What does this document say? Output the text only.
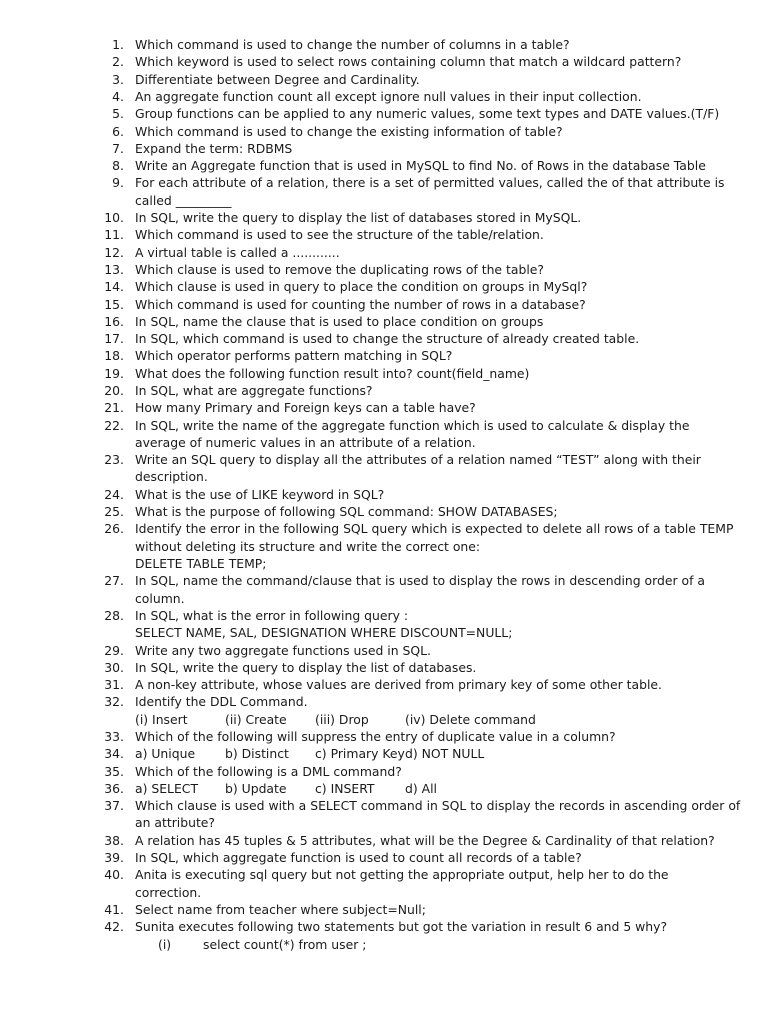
1. Which command is used to change the number of columns in a table?
2. Which keyword is used to select rows containing column that match a wildcard pattern?
3. Differentiate between Degree and Cardinality.
4. An aggregate function count all except ignore null values in their input collection.
5. Group functions can be applied to any numeric values, some text types and DATE values.(T/F)
6. Which command is used to change the existing information of table?
7. Expand the term: RDBMS
8. Write an Aggregate function that is used in MySQL to find No. of Rows in the database Table
9. For each attribute of a relation, there is a set of permitted values, called the of that attribute is
called _________
10. In SQL, write the query to display the list of databases stored in MySQL.
11. Which command is used to see the structure of the table/relation.
12. A virtual table is called a ............
13. Which clause is used to remove the duplicating rows of the table?
14. Which clause is used in query to place the condition on groups in MySql?
15. Which command is used for counting the number of rows in a database?
16. In SQL, name the clause that is used to place condition on groups
17. In SQL, which command is used to change the structure of already created table.
18. Which operator performs pattern matching in SQL?
19. What does the following function result into? count(field_name)
20. In SQL, what are aggregate functions?
21. How many Primary and Foreign keys can a table have?
22. In SQL, write the name of the aggregate function which is used to calculate & display the
average of numeric values in an attribute of a relation.
23. Write an SQL query to display all the attributes of a relation named “TEST” along with their
description.
24. What is the use of LIKE keyword in SQL?
25. What is the purpose of following SQL command: SHOW DATABASES;
26. Identify the error in the following SQL query which is expected to delete all rows of a table TEMP
without deleting its structure and write the correct one:
DELETE TABLE TEMP;
27. In SQL, name the command/clause that is used to display the rows in descending order of a
column.
28. In SQL, what is the error in following query :
SELECT NAME, SAL, DESIGNATION WHERE DISCOUNT=NULL;
29. Write any two aggregate functions used in SQL.
30. In SQL, write the query to display the list of databases.
31. A non-key attribute, whose values are derived from primary key of some other table.
32. Identify the DDL Command.
(i) Insert	(ii) Create (iii) Drop	(iv) Delete command
33. Which of the following will suppress the entry of duplicate value in a column?
34. a) Unique b) Distinct c) Primary Key d) NOT NULL
35. Which of the following is a DML command?
36. a) SELECT b) Update c) INSERT d) All
37. Which clause is used with a SELECT command in SQL to display the records in ascending order of
an attribute?
38. A relation has 45 tuples & 5 attributes, what will be the Degree & Cardinality of that relation?
39. In SQL, which aggregate function is used to count all records of a table?
40. Anita is executing sql query but not getting the appropriate output, help her to do the
correction.
41. Select name from teacher where subject=Null;
42. Sunita executes following two statements but got the variation in result 6 and 5 why?
(i)	select count(*) from user ;
